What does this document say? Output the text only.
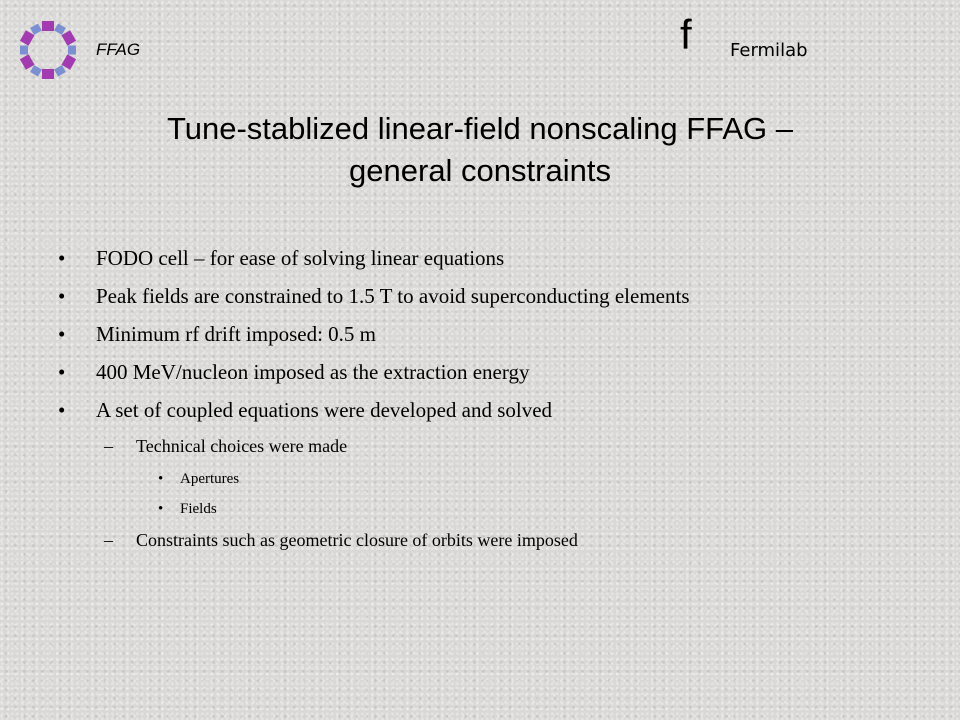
FFAG	f Fermilab
Tune-stablized linear-field nonscaling FFAG –
general constraints
• FODO cell – for ease of solving linear equations
• Peak fields are constrained to 1.5 T to avoid superconducting elements
• Minimum rf drift imposed: 0.5 m
• 400 MeV/nucleon imposed as the extraction energy
• A set of coupled equations were developed and solved
– Technical choices were made
• Apertures
• Fields
– Constraints such as geometric closure of orbits were imposed
